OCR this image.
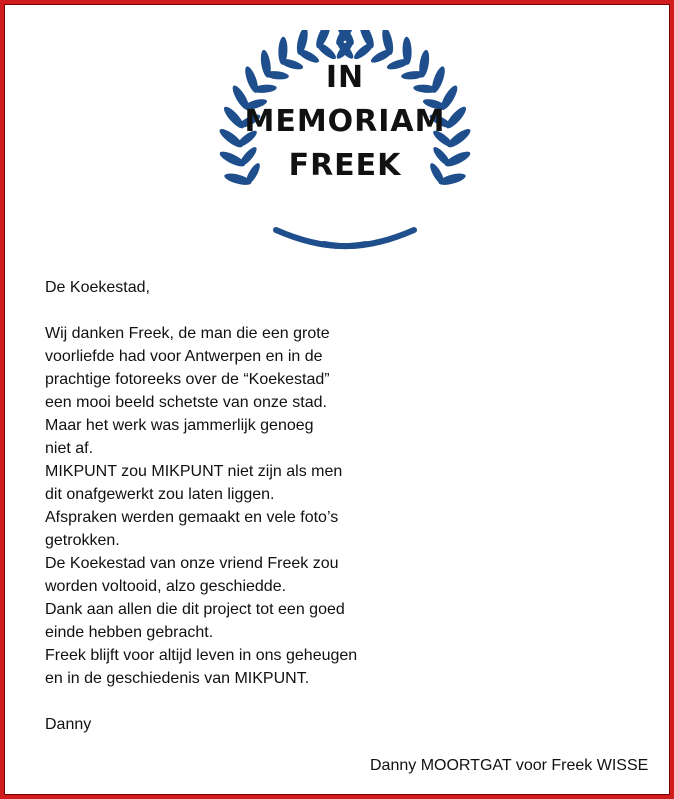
IN
MEMORIAM
FREEK

De Koekestad,

Wij danken Freek, de man die een grote

voorliefde had voor Antwerpen en in de

prachtige fotoreeks over de “Koekestad”

een mooi beeld schetste van onze stad.

Maar het werk was jammerlijk genoeg

niet af.

MIKPUNT zou MIKPUNT niet zijn als men

dit onafgewerkt zou laten liggen.

Afspraken werden gemaakt en vele foto’s

getrokken.

De Koekestad van onze vriend Freek zou

worden voltooid, alzo geschiedde.

Dank aan allen die dit project tot een goed

einde hebben gebracht.

Freek blijft voor altijd leven in ons geheugen

en in de geschiedenis van MIKPUNT.

Danny

Danny MOORTGAT voor Freek WISSE
